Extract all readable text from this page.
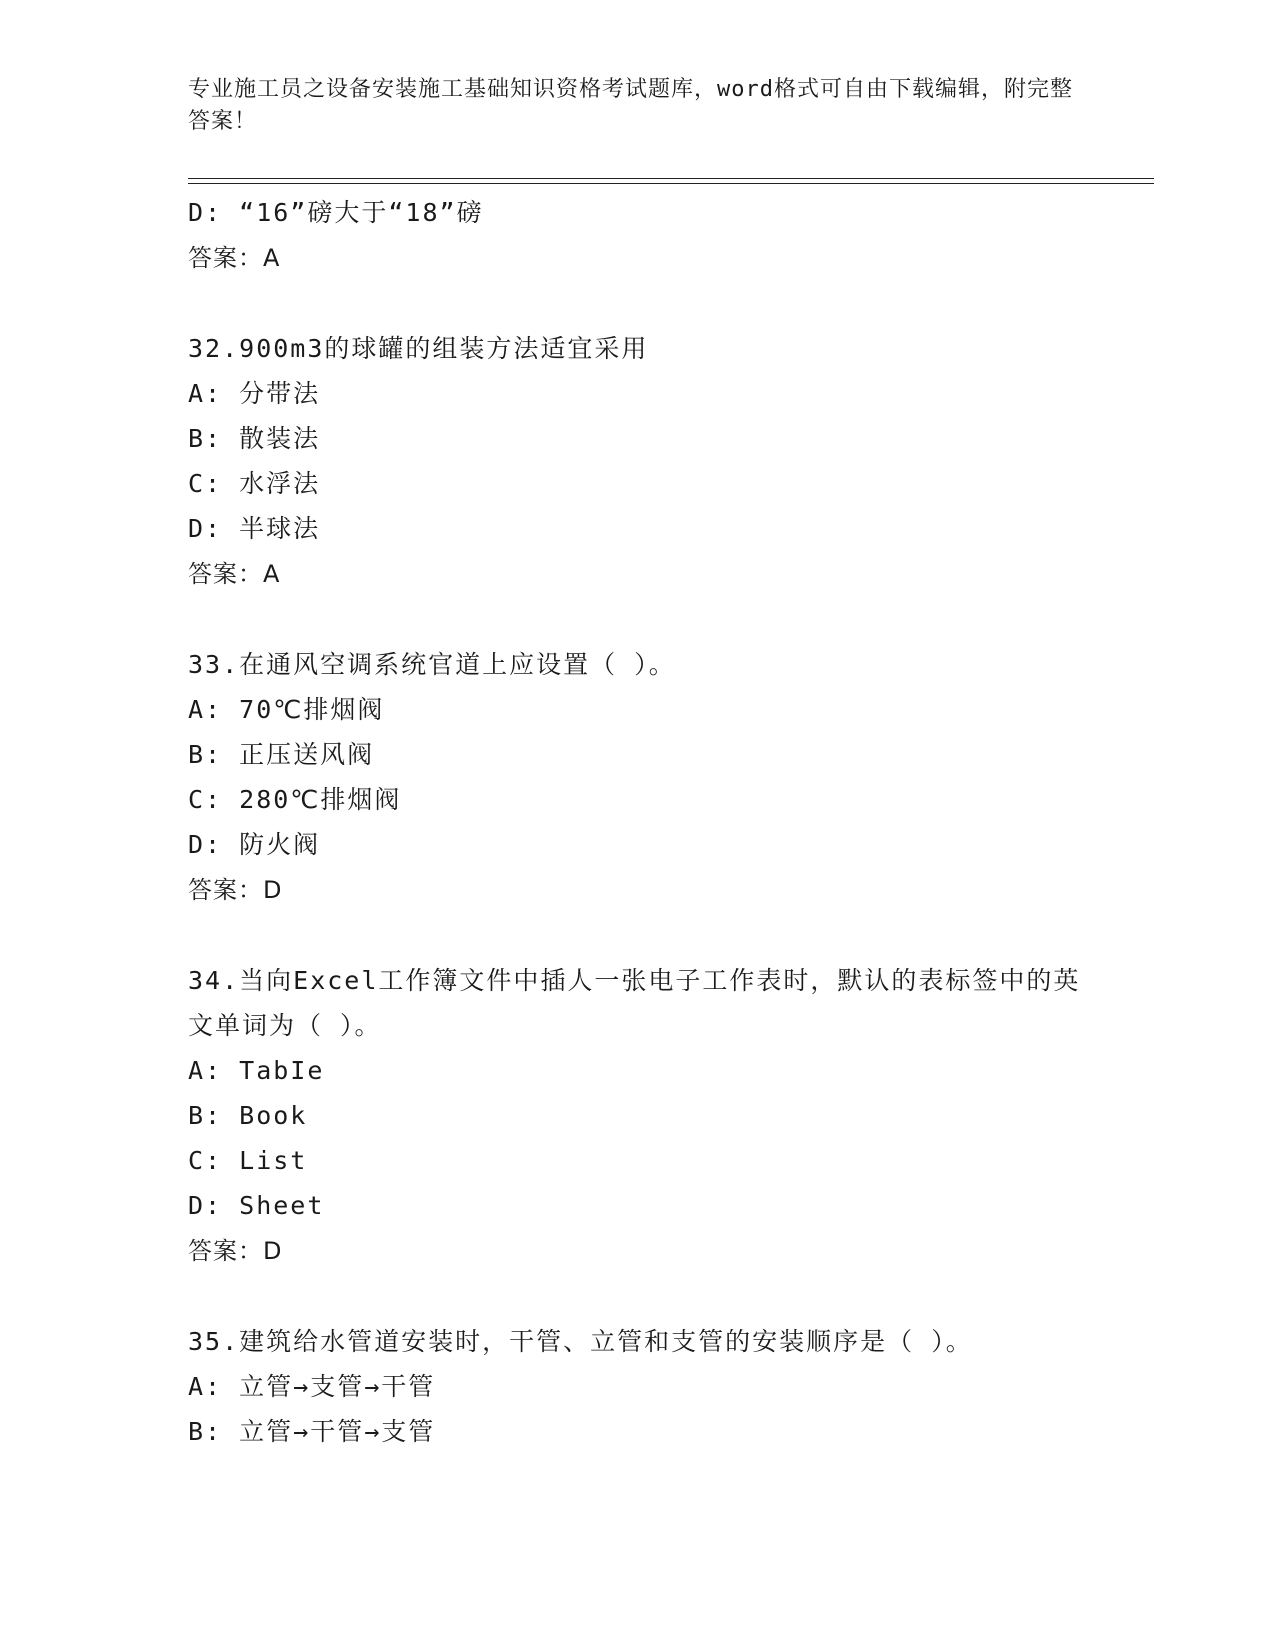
专业施工员之设备安装施工基础知识资格考试题库，word格式可自由下载编辑，附完整答案！
D: “16”磅大于“18”磅
答案：A
32.900m3的球罐的组装方法适宜采用
A: 分带法
B: 散装法
C: 水浮法
D: 半球法
答案：A
33.在通风空调系统官道上应设置（ ）。
A: 70℃排烟阀
B: 正压送风阀
C: 280℃排烟阀
D: 防火阀
答案：D
34.当向Excel工作簿文件中插人一张电子工作表时，默认的表标签中的英文单词为（ ）。
A: TabIe
B: Book
C: List
D: Sheet
答案：D
35.建筑给水管道安装时，干管、立管和支管的安装顺序是（ ）。
A: 立管→支管→干管
B: 立管→干管→支管
